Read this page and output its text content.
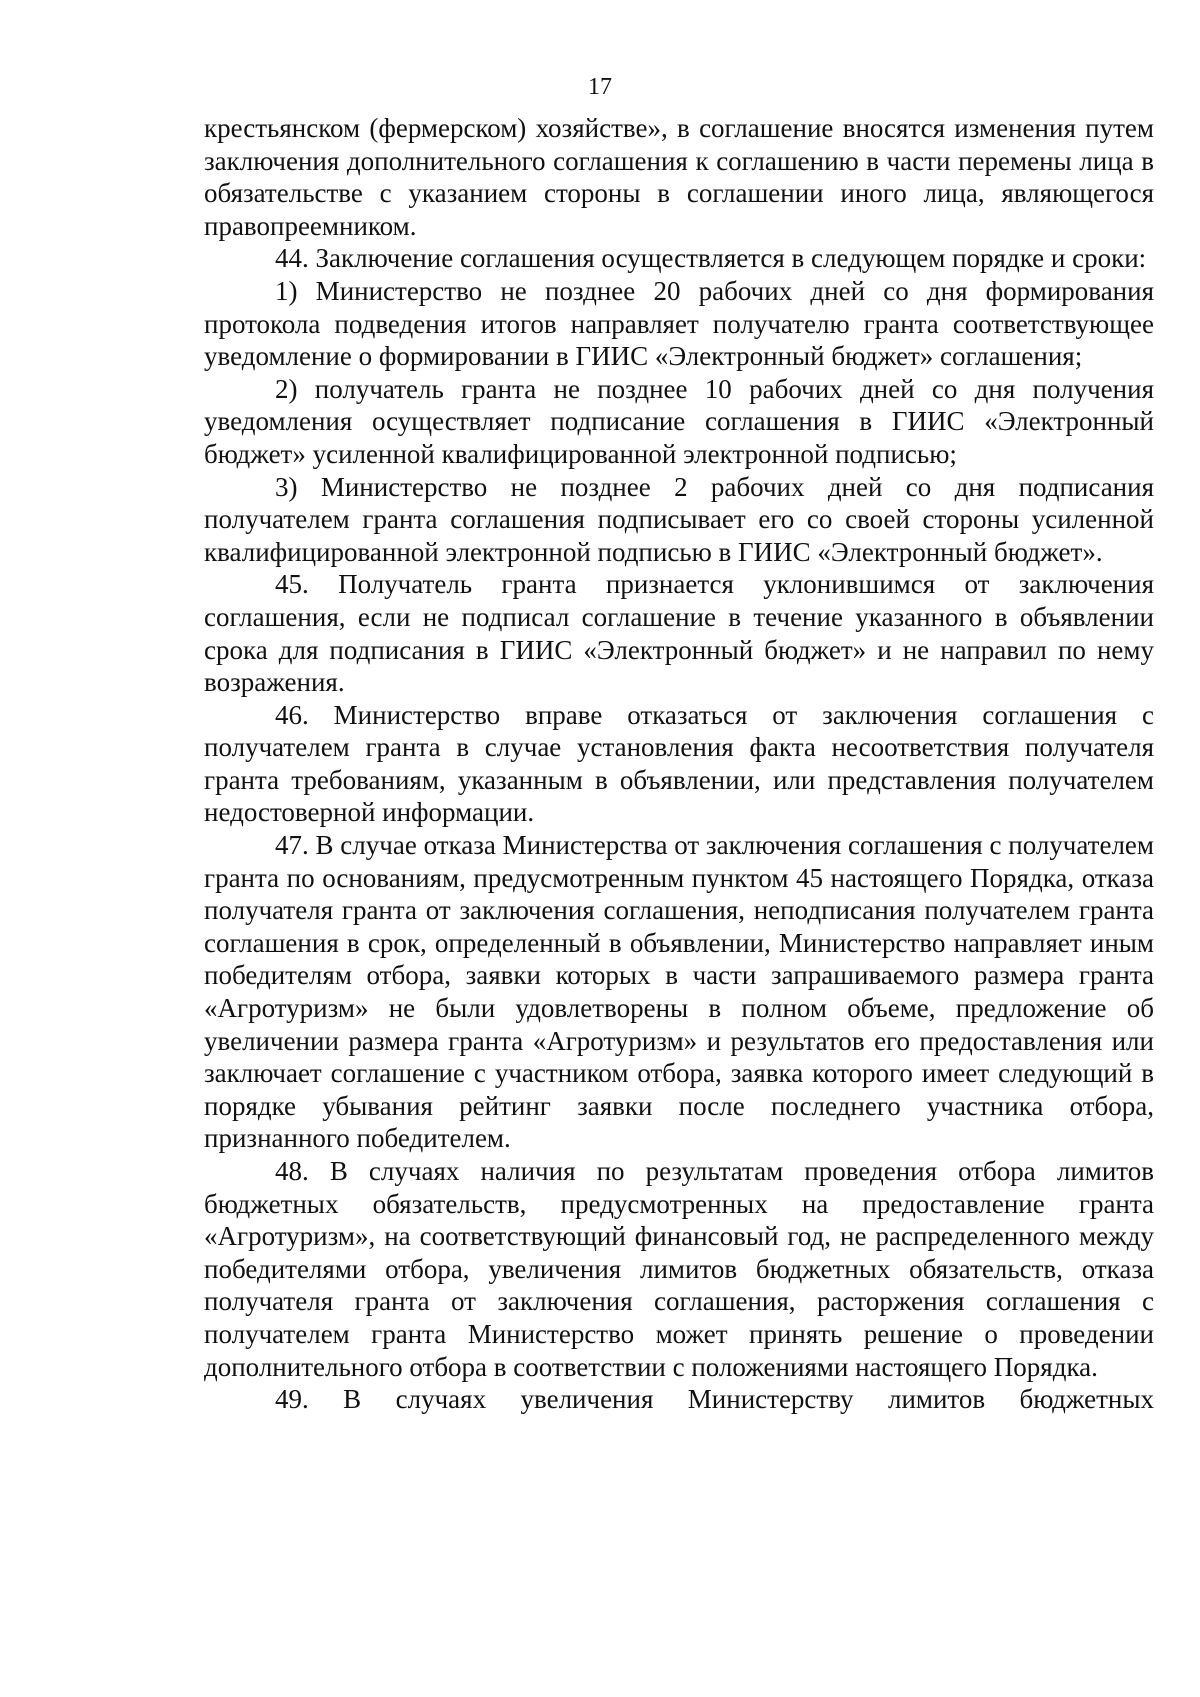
17

крестьянском (фермерском) хозяйстве», в соглашение вносятся изменения путем заключения дополнительного соглашения к соглашению в части перемены лица в обязательстве с указанием стороны в соглашении иного лица, являющегося правопреемником.

44. Заключение соглашения осуществляется в следующем порядке и сроки:

1) Министерство не позднее 20 рабочих дней со дня формирования протокола подведения итогов направляет получателю гранта соответствующее уведомление о формировании в ГИИС «Электронный бюджет» соглашения;

2) получатель гранта не позднее 10 рабочих дней со дня получения уведомления осуществляет подписание соглашения в ГИИС «Электронный бюджет» усиленной квалифицированной электронной подписью;

3) Министерство не позднее 2 рабочих дней со дня подписания получателем гранта соглашения подписывает его со своей стороны усиленной квалифицированной электронной подписью в ГИИС «Электронный бюджет».

45. Получатель гранта признается уклонившимся от заключения соглашения, если не подписал соглашение в течение указанного в объявлении срока для подписания в ГИИС «Электронный бюджет» и не направил по нему возражения.

46. Министерство вправе отказаться от заключения соглашения с получателем гранта в случае установления факта несоответствия получателя гранта требованиям, указанным в объявлении, или представления получателем недостоверной информации.

47. В случае отказа Министерства от заключения соглашения с получателем гранта по основаниям, предусмотренным пунктом 45 настоящего Порядка, отказа получателя гранта от заключения соглашения, неподписания получателем гранта соглашения в срок, определенный в объявлении, Министерство направляет иным победителям отбора, заявки которых в части запрашиваемого размера гранта «Агротуризм» не были удовлетворены в полном объеме, предложение об увеличении размера гранта «Агротуризм» и результатов его предоставления или заключает соглашение с участником отбора, заявка которого имеет следующий в порядке убывания рейтинг заявки после последнего участника отбора, признанного победителем.

48. В случаях наличия по результатам проведения отбора лимитов бюджетных обязательств, предусмотренных на предоставление гранта «Агротуризм», на соответствующий финансовый год, не распределенного между победителями отбора, увеличения лимитов бюджетных обязательств, отказа получателя гранта от заключения соглашения, расторжения соглашения с получателем гранта Министерство может принять решение о проведении дополнительного отбора в соответствии с положениями настоящего Порядка.

49. В случаях увеличения Министерству лимитов бюджетных
